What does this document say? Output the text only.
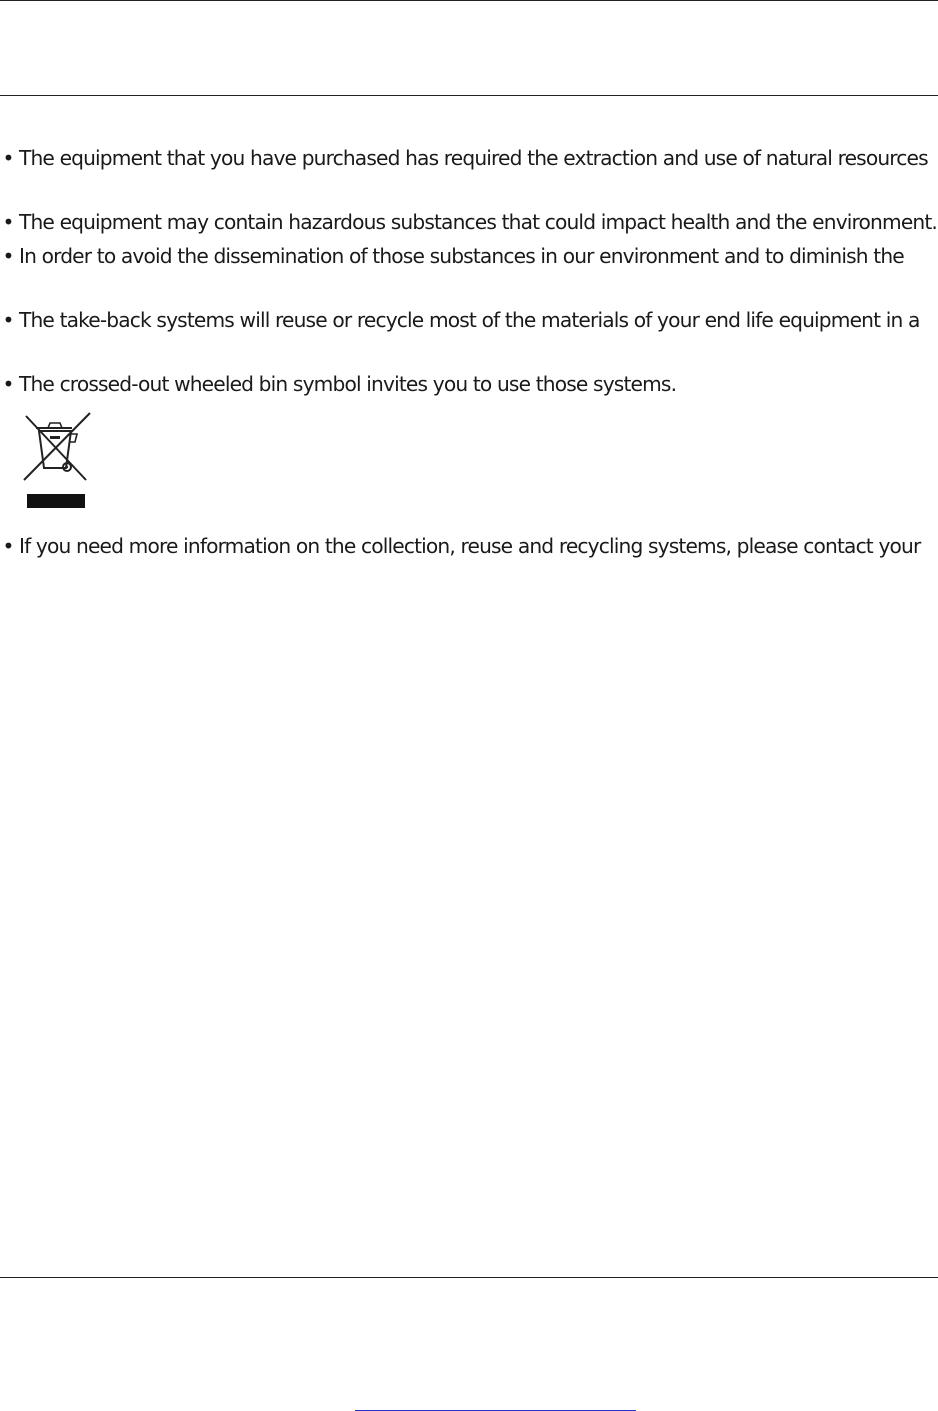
• The equipment that you have purchased has required the extraction and use of natural resources
• The equipment may contain hazardous substances that could impact health and the environment.
• In order to avoid the dissemination of those substances in our environment and to diminish the
• The take-back systems will reuse or recycle most of the materials of your end life equipment in a
• The crossed-out wheeled bin symbol invites you to use those systems.
• If you need more information on the collection, reuse and recycling systems, please contact your
